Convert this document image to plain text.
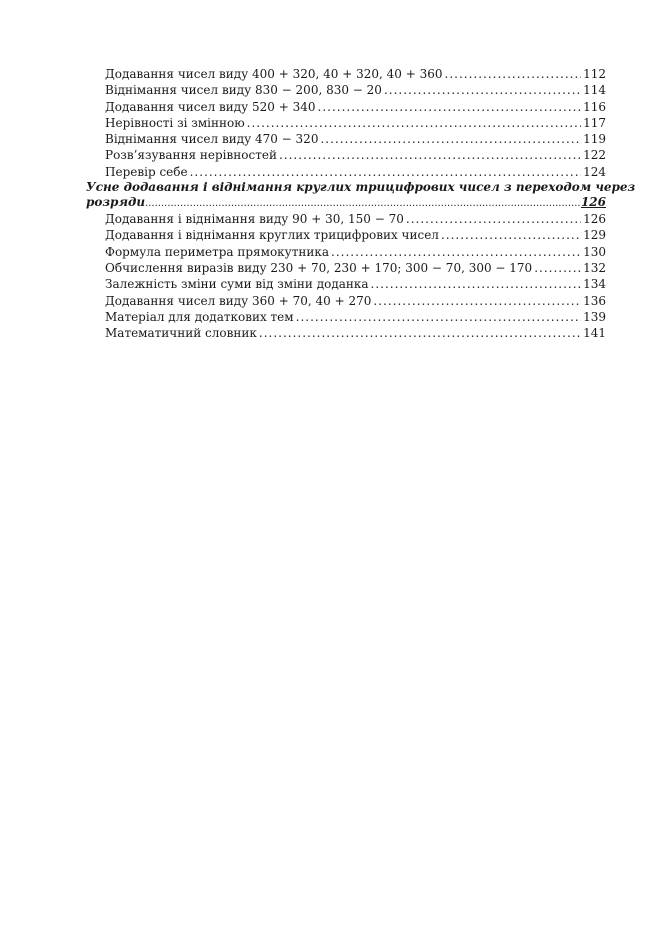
Додавання чисел виду 400 + 320, 40 + 320, 40 + 360 .....	112
Віднімання чисел виду 830 − 200, 830 − 20 .....	114
Додавання чисел виду 520 + 340 .....	116
Нерівності зі змінною .....	117
Віднімання чисел виду 470 − 320 .....	119
Розв’язування нерівностей .....	122
Перевір себе .....	124
Усне додавання і віднімання круглих трицифрових чисел з переходом через
розряди .....	126
Додавання і віднімання виду 90 + 30, 150 − 70 .....	126
Додавання і віднімання круглих трицифрових чисел .....	129
Формула периметра прямокутника .....	130
Обчислення виразів виду 230 + 70, 230 + 170; 300 − 70, 300 − 170 .....	132
Залежність зміни суми від зміни доданка .....	134
Додавання чисел виду 360 + 70, 40 + 270 .....	136
Матеріал для додаткових тем .....	139
Математичний словник .....	141
